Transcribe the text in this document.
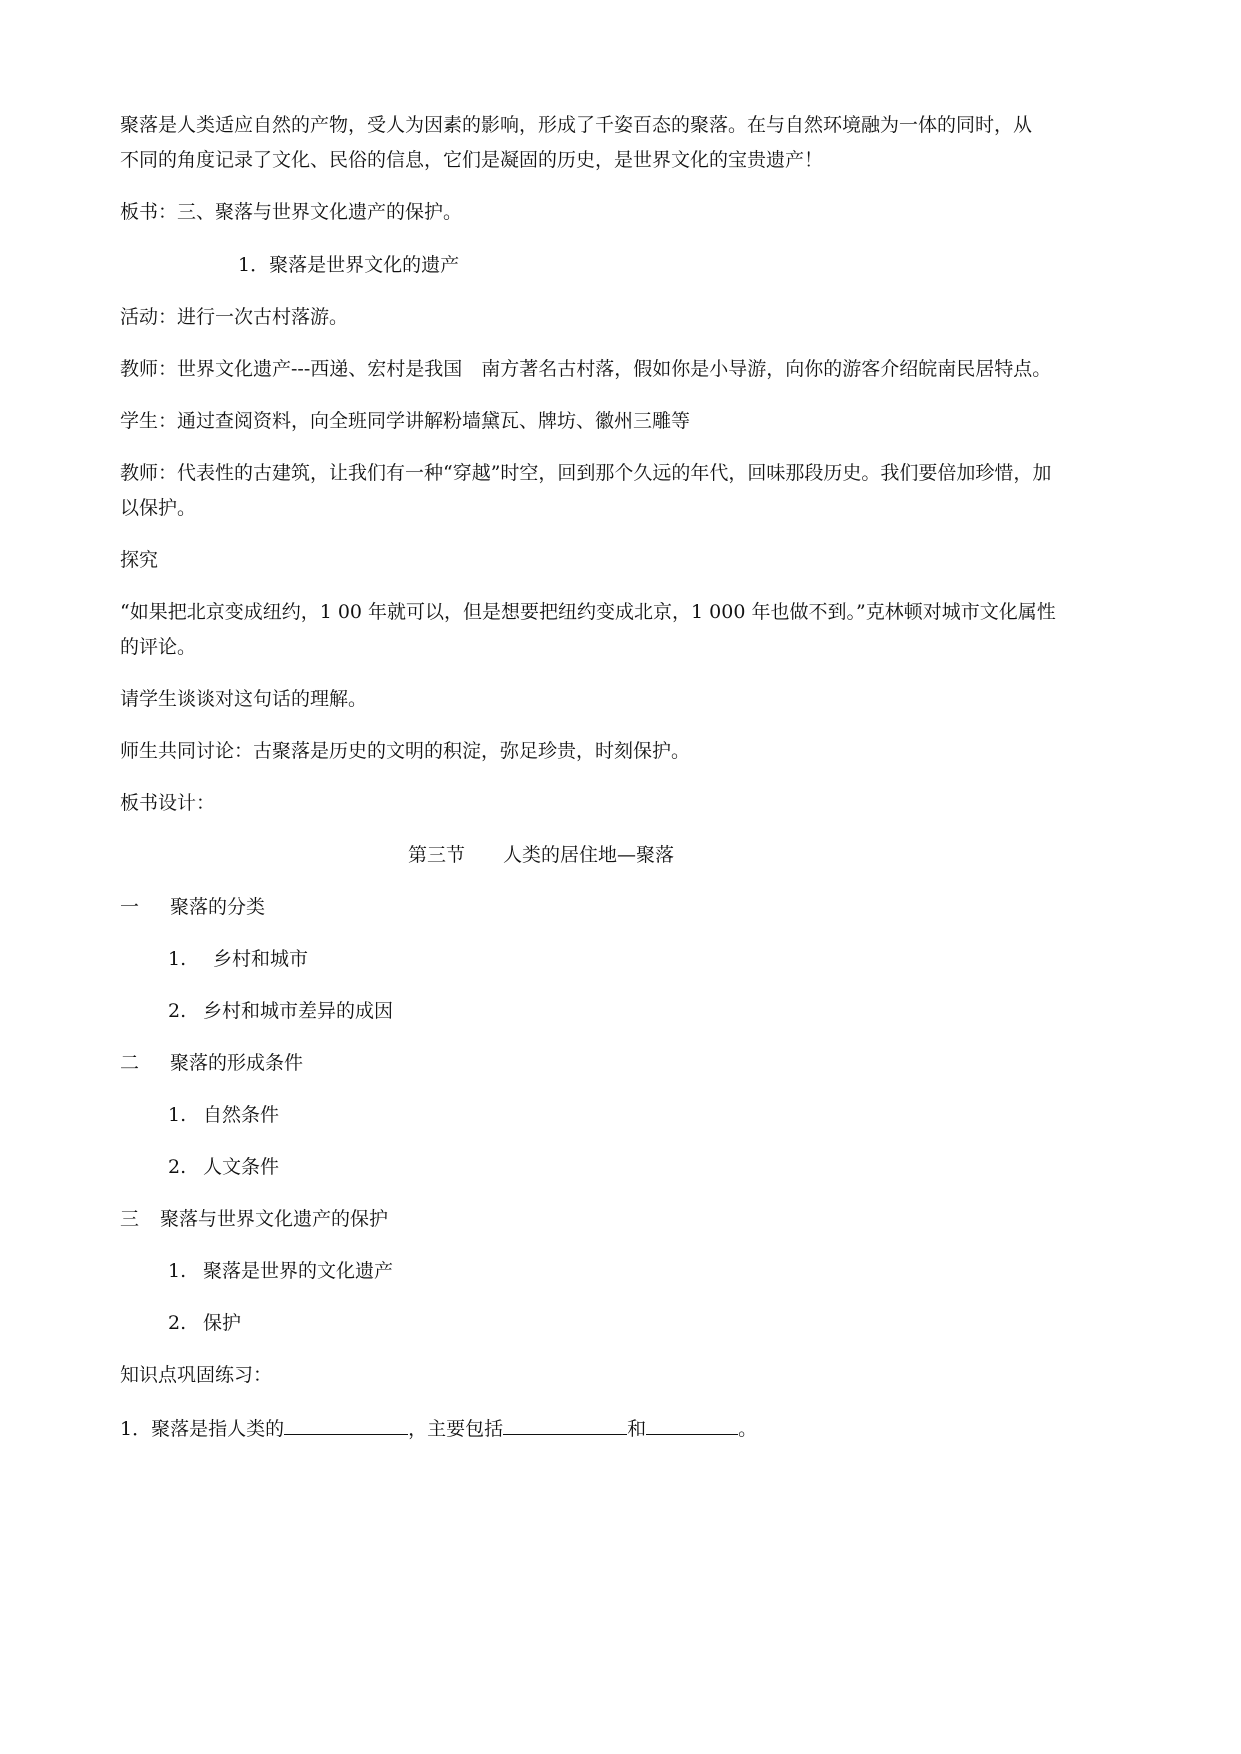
聚落是人类适应自然的产物，受人为因素的影响，形成了千姿百态的聚落。在与自然环境融为一体的同时，从
不同的角度记录了文化、民俗的信息，它们是凝固的历史，是世界文化的宝贵遗产！
板书：三、聚落与世界文化遗产的保护。
1．聚落是世界文化的遗产
活动：进行一次古村落游。
教师：世界文化遗产---西递、宏村是我国　南方著名古村落，假如你是小导游，向你的游客介绍皖南民居特点。
学生：通过查阅资料，向全班同学讲解粉墙黛瓦、牌坊、徽州三雕等
教师：代表性的古建筑，让我们有一种“穿越”时空，回到那个久远的年代，回味那段历史。我们要倍加珍惜，加
以保护。
探究
“如果把北京变成纽约，1 00 年就可以，但是想要把纽约变成北京，1 000 年也做不到。”克林顿对城市文化属性
的评论。
请学生谈谈对这句话的理解。
师生共同讨论：古聚落是历史的文明的积淀，弥足珍贵，时刻保护。
板书设计：
第三节　　人类的居住地—聚落
一 聚落的分类
1. 乡村和城市
2. 乡村和城市差异的成因
二 聚落的形成条件
1. 自然条件
2. 人文条件
三 聚落与世界文化遗产的保护
1. 聚落是世界的文化遗产
2. 保护
知识点巩固练习：
1．聚落是指人类的	，主要包括	和	。
